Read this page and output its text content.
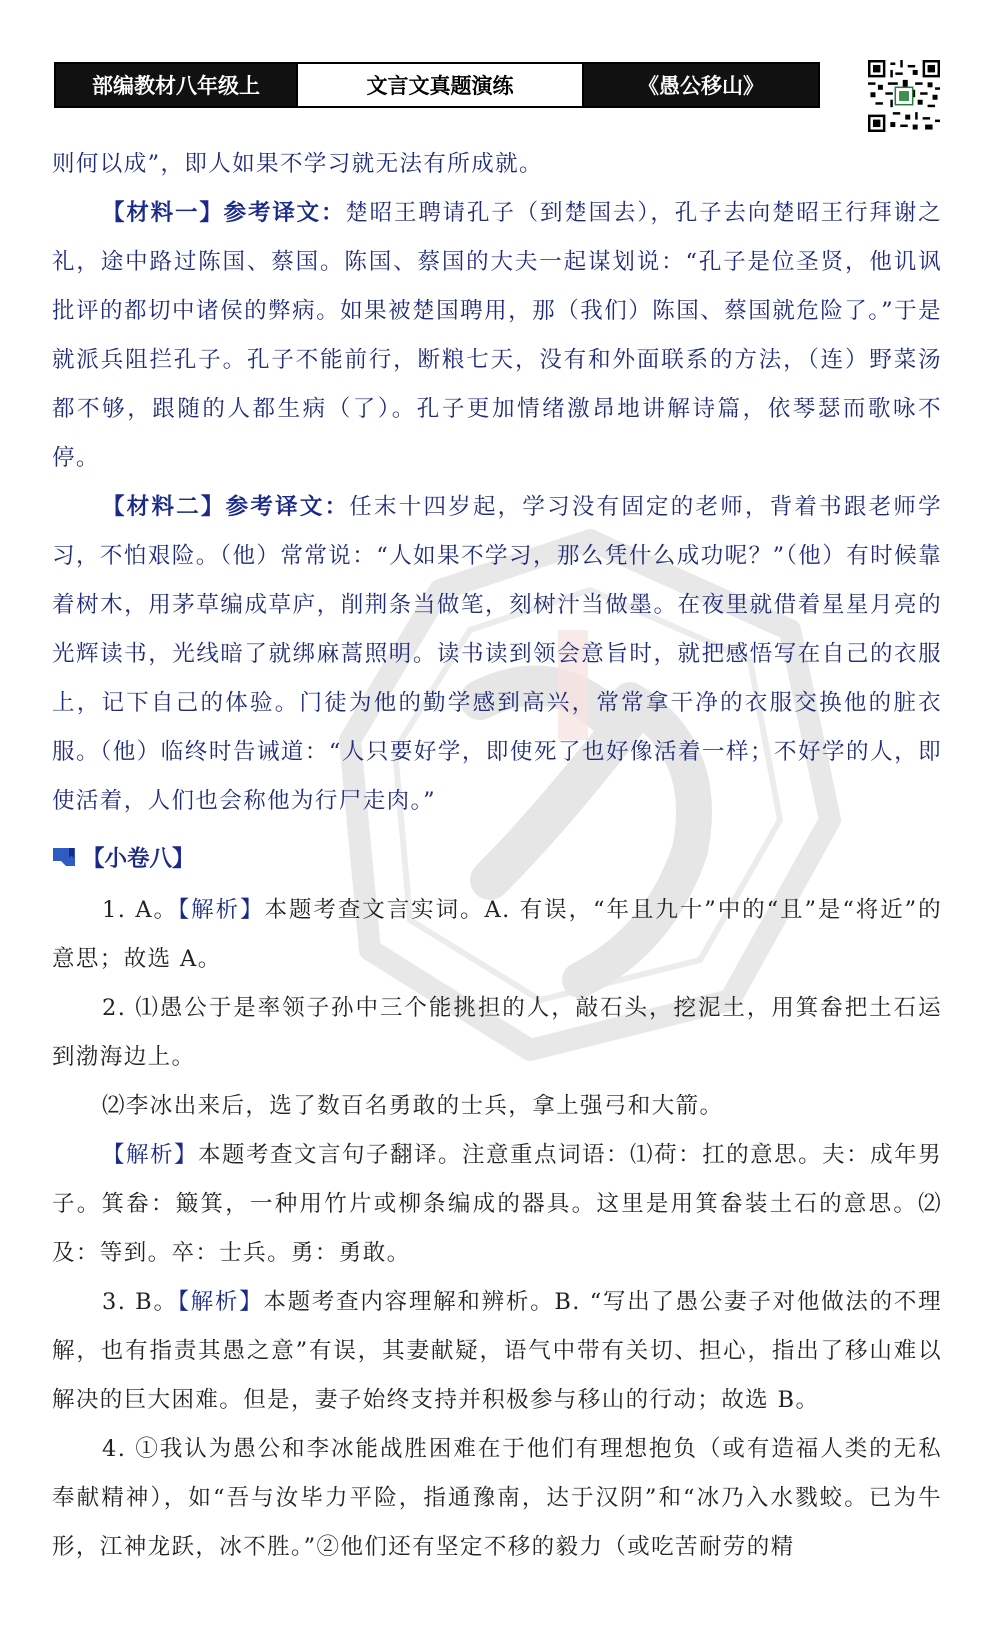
部编教材八年级上	文言文真题演练	《愚公移山》

则何以成”，即人如果不学习就无法有所成就。

【材料一】参考译文：楚昭王聘请孔子（到楚国去），孔子去向楚昭王行拜谢之礼，途中路过陈国、蔡国。陈国、蔡国的大夫一起谋划说：“孔子是位圣贤，他讥讽批评的都切中诸侯的弊病。如果被楚国聘用，那（我们）陈国、蔡国就危险了。”于是就派兵阻拦孔子。孔子不能前行，断粮七天，没有和外面联系的方法，（连）野菜汤都不够，跟随的人都生病（了）。孔子更加情绪激昂地讲解诗篇，依琴瑟而歌咏不停。

【材料二】参考译文：任末十四岁起，学习没有固定的老师，背着书跟老师学习，不怕艰险。（他）常常说：“人如果不学习，那么凭什么成功呢？”（他）有时候靠着树木，用茅草编成草庐，削荆条当做笔，刻树汁当做墨。在夜里就借着星星月亮的光辉读书，光线暗了就绑麻蒿照明。读书读到领会意旨时，就把感悟写在自己的衣服上，记下自己的体验。门徒为他的勤学感到高兴，常常拿干净的衣服交换他的脏衣服。（他）临终时告诫道：“人只要好学，即使死了也好像活着一样；不好学的人，即使活着，人们也会称他为行尸走肉。”

【小卷八】

1. A。【解析】本题考查文言实词。A. 有误，“年且九十”中的“且”是“将近”的意思；故选 A。

2. ⑴愚公于是率领子孙中三个能挑担的人，敲石头，挖泥土，用箕畚把土石运到渤海边上。

⑵李冰出来后，选了数百名勇敢的士兵，拿上强弓和大箭。

【解析】本题考查文言句子翻译。注意重点词语：⑴荷：扛的意思。夫：成年男子。箕畚：簸箕，一种用竹片或柳条编成的器具。这里是用箕畚装土石的意思。⑵及：等到。卒：士兵。勇：勇敢。

3. B。【解析】本题考查内容理解和辨析。B. “写出了愚公妻子对他做法的不理解，也有指责其愚之意”有误，其妻献疑，语气中带有关切、担心，指出了移山难以解决的巨大困难。但是，妻子始终支持并积极参与移山的行动；故选 B。

4. ①我认为愚公和李冰能战胜困难在于他们有理想抱负（或有造福人类的无私奉献精神），如“吾与汝毕力平险，指通豫南，达于汉阴”和“冰乃入水戮蛟。已为牛形，江神龙跃，冰不胜。”②他们还有坚定不移的毅力（或吃苦耐劳的精
